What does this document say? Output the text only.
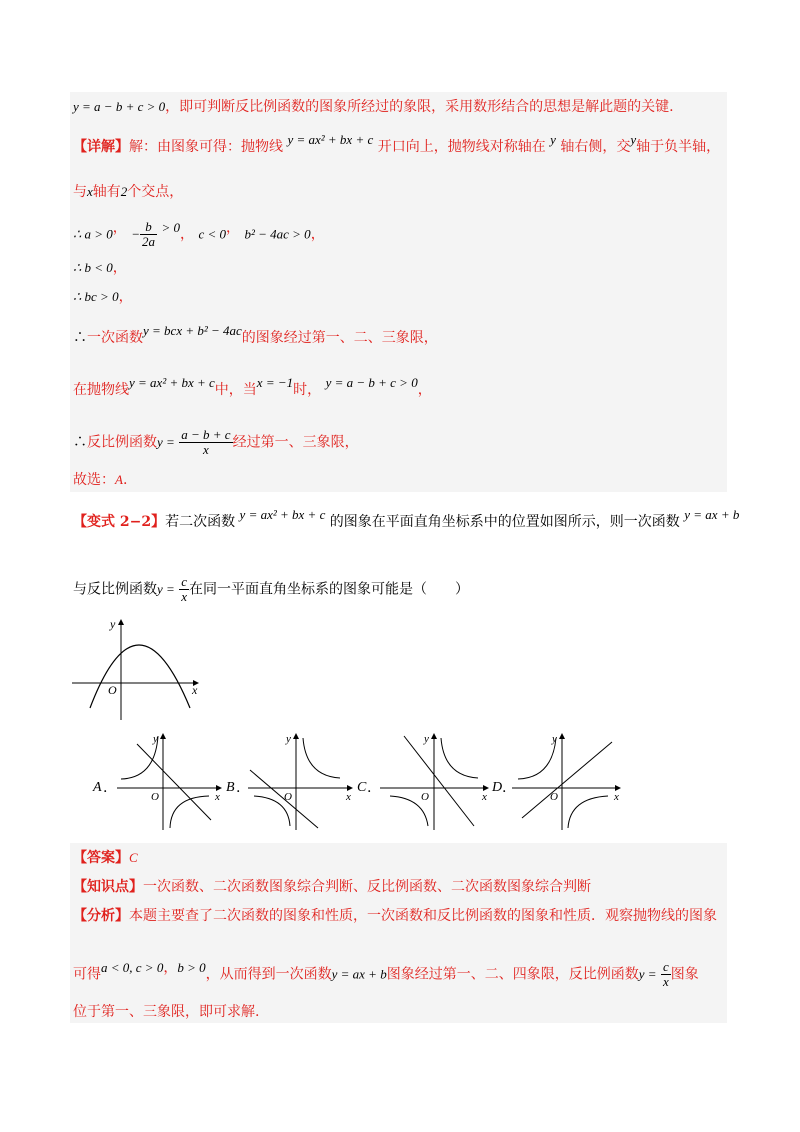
y = a − b + c > 0，即可判断反比例函数的图象所经过的象限，采用数形结合的思想是解此题的关键.
【详解】解：由图象可得：抛物线 y = ax² + bx + c 开口向上，抛物线对称轴在 y 轴右侧，交y轴于负半轴，
与x轴有2个交点，
∴ a > 0， − $\frac{b}{2a} > 0$， c < 0， b² − 4ac > 0，
∴ b < 0，
∴ bc > 0，
∴一次函数y = bcx + b² − 4ac的图象经过第一、二、三象限，
在抛物线y = ax² + bx + c中，当x = −1时， y = a − b + c > 0，
∴反比例函数$y = \frac{a - b + c}{x}$ 经过第一、三象限，
故选：A.
【变式 2−2】若二次函数 y = ax² + bx + c 的图象在平面直角坐标系中的位置如图所示，则一次函数 y = ax + b
与反比例函数$y = \frac{c}{x}$ 在同一平面直角坐标系的图象可能是（　　）
y
x
O
A .
y
x
O
B .
y
x
O
C .
y
x
O
D .
y
x
O
【答案】C
【知识点】一次函数、二次函数图象综合判断、反比例函数、二次函数图象综合判断
【分析】本题主要查了二次函数的图象和性质，一次函数和反比例函数的图象和性质．观察抛物线的图象
可得a < 0, c > 0，b > 0，从而得到一次函数y = ax + b图象经过第一、二、四象限，反比例函数$y = \frac{c}{x}$ 图象
位于第一、三象限，即可求解.
